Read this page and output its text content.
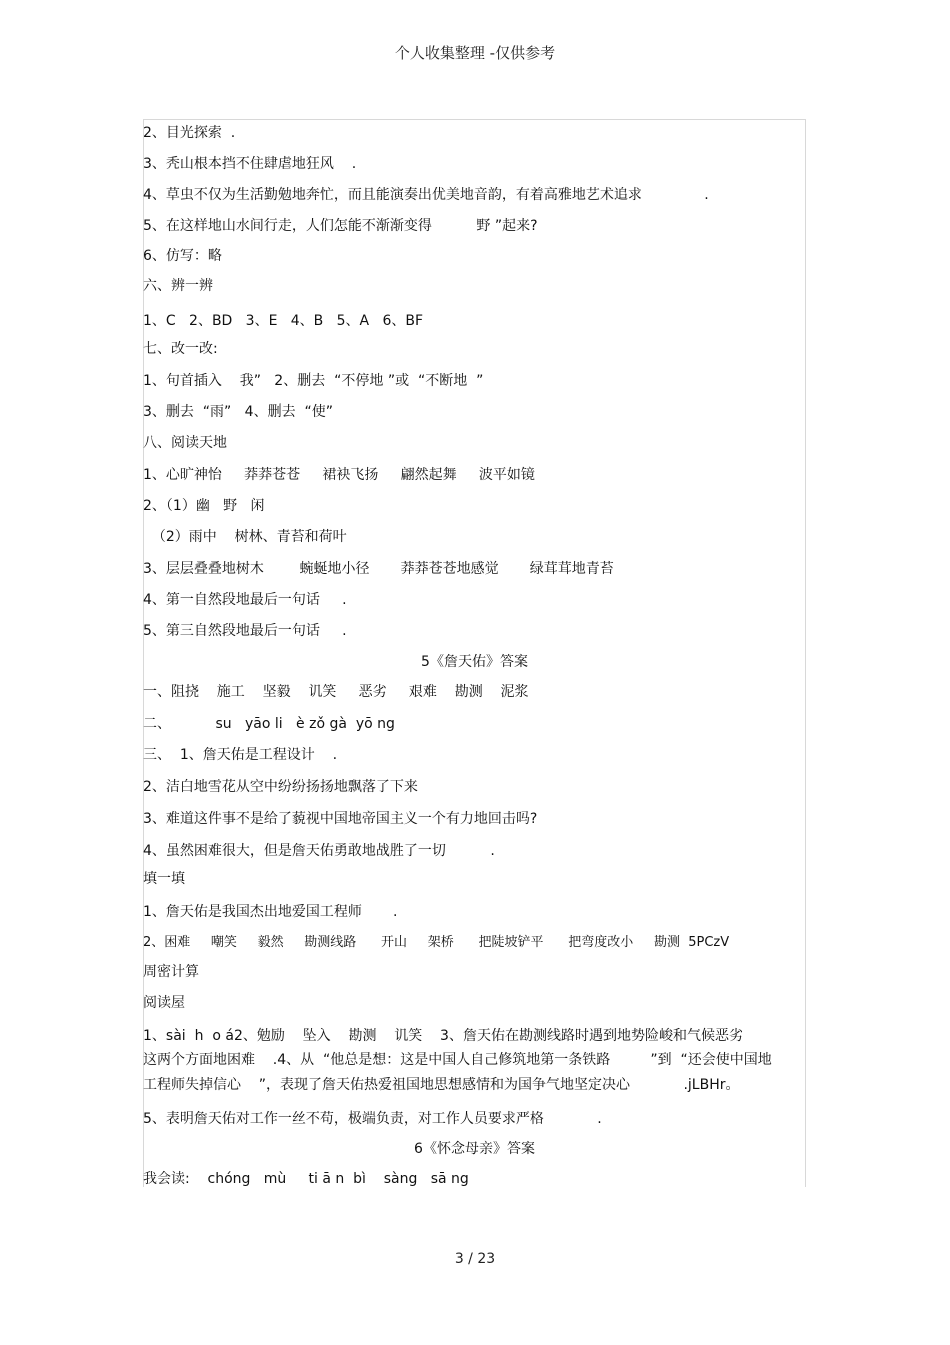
个人收集整理 -仅供参考
2、目光探索  .
3、秃山根本挡不住肆虐地狂风    .
4、草虫不仅为生活勤勉地奔忙，而且能演奏出优美地音韵，有着高雅地艺术追求              .
5、在这样地山水间行走，人们怎能不渐渐变得          野 ”起来?
6、仿写：略
六、辨一辨
1、C   2、BD   3、E   4、B   5、A   6、BF
七、改一改:
1、句首插入    我”   2、删去  “不停地 ”或  “不断地  ”
3、删去  “雨”   4、删去  “使”
八、阅读天地
1、心旷神怡     莽莽苍苍     裙袂飞扬     翩然起舞     波平如镜
2、（1）幽   野   闲
（2）雨中    树林、青苔和荷叶
3、层层叠叠地树木        蜿蜒地小径       莽莽苍苍地感觉       绿茸茸地青苔
4、第一自然段地最后一句话     .
5、第三自然段地最后一句话     .
5《詹天佑》答案
一、阻挠    施工    坚毅    讥笑     恶劣     艰难    勘测    泥浆
二、          su   yāo li   è zǒ gà  yō ng
三、  1、詹天佑是工程设计    .
2、洁白地雪花从空中纷纷扬扬地飘落了下来
3、难道这件事不是给了藐视中国地帝国主义一个有力地回击吗?
4、虽然困难很大，但是詹天佑勇敢地战胜了一切          .
填一填
1、詹天佑是我国杰出地爱国工程师       .
2、困难     嘲笑     毅然     勘测线路      开山     架桥      把陡坡铲平      把弯度改小     勘测  5PCzV
周密计算
阅读屋
1、sài  h  o á2、勉励    坠入    勘测    讥笑    3、詹天佑在勘测线路时遇到地势险峻和气候恶劣
这两个方面地困难    .4、从  “他总是想：这是中国人自己修筑地第一条铁路         ”到  “还会使中国地
工程师失掉信心    ”，表现了詹天佑热爱祖国地思想感情和为国争气地坚定决心            .jLBHr。
5、表明詹天佑对工作一丝不苟，极端负责，对工作人员要求严格            .
6《怀念母亲》答案
我会读:    chóng   mù     ti ā n  bì    sàng   sā ng
3 / 23
